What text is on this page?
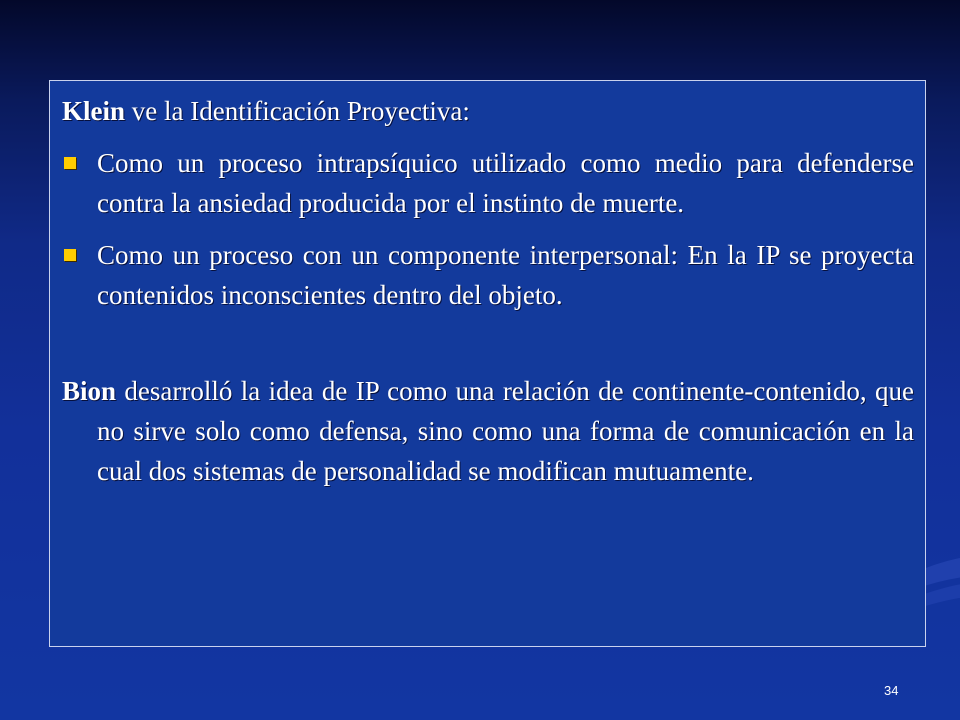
Klein ve la Identificación Proyectiva:

Como un proceso intrapsíquico utilizado como medio para defenderse contra la ansiedad producida por el instinto de muerte.
Como un proceso con un componente interpersonal: En la IP se proyecta contenidos inconscientes dentro del objeto.

Bion desarrolló la idea de IP como una relación de continente-contenido, que no sirve solo como defensa, sino como una forma de comunicación en la cual dos sistemas de personalidad se modifican mutuamente.

34
